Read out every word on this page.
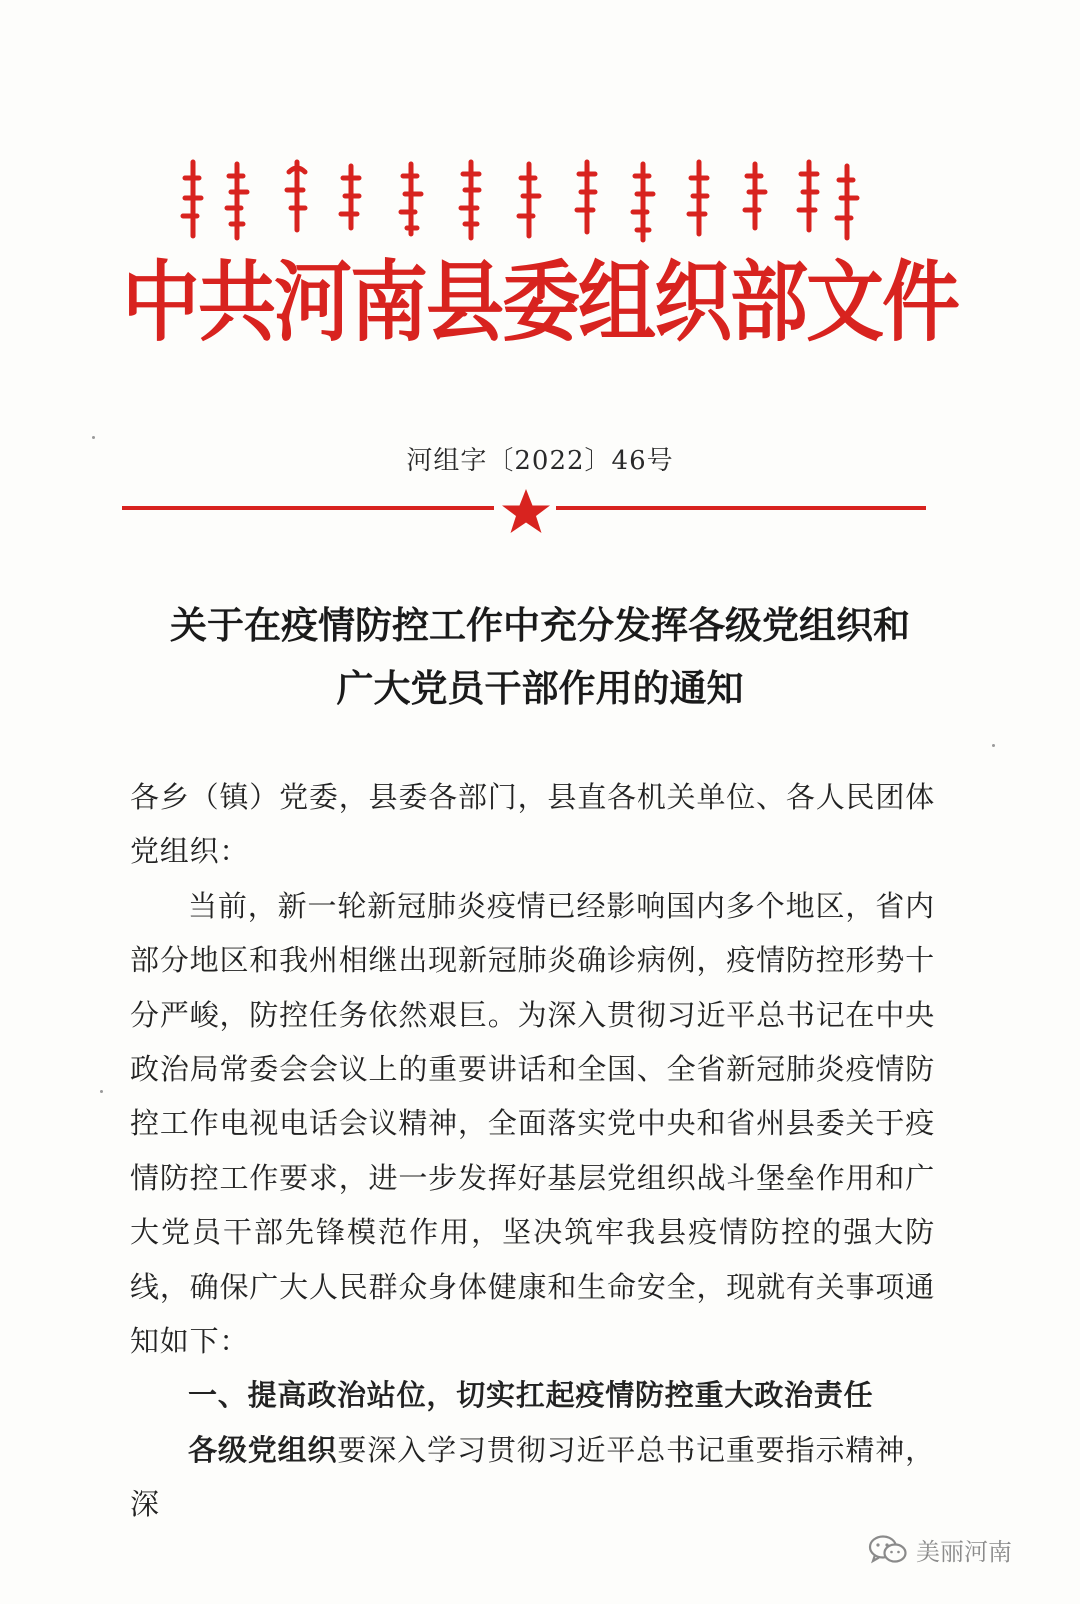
中共河南县委组织部文件
河组字〔2022〕46号
关于在疫情防控工作中充分发挥各级党组织和
广大党员干部作用的通知

各乡（镇）党委，县委各部门，县直各机关单位、各人民团体党组织：

当前，新一轮新冠肺炎疫情已经影响国内多个地区，省内部分地区和我州相继出现新冠肺炎确诊病例，疫情防控形势十分严峻，防控任务依然艰巨。为深入贯彻习近平总书记在中央政治局常委会会议上的重要讲话和全国、全省新冠肺炎疫情防控工作电视电话会议精神，全面落实党中央和省州县委关于疫情防控工作要求，进一步发挥好基层党组织战斗堡垒作用和广大党员干部先锋模范作用，坚决筑牢我县疫情防控的强大防线，确保广大人民群众身体健康和生命安全，现就有关事项通知如下：

一、提高政治站位，切实扛起疫情防控重大政治责任

各级党组织要深入学习贯彻习近平总书记重要指示精神，深

美丽河南
